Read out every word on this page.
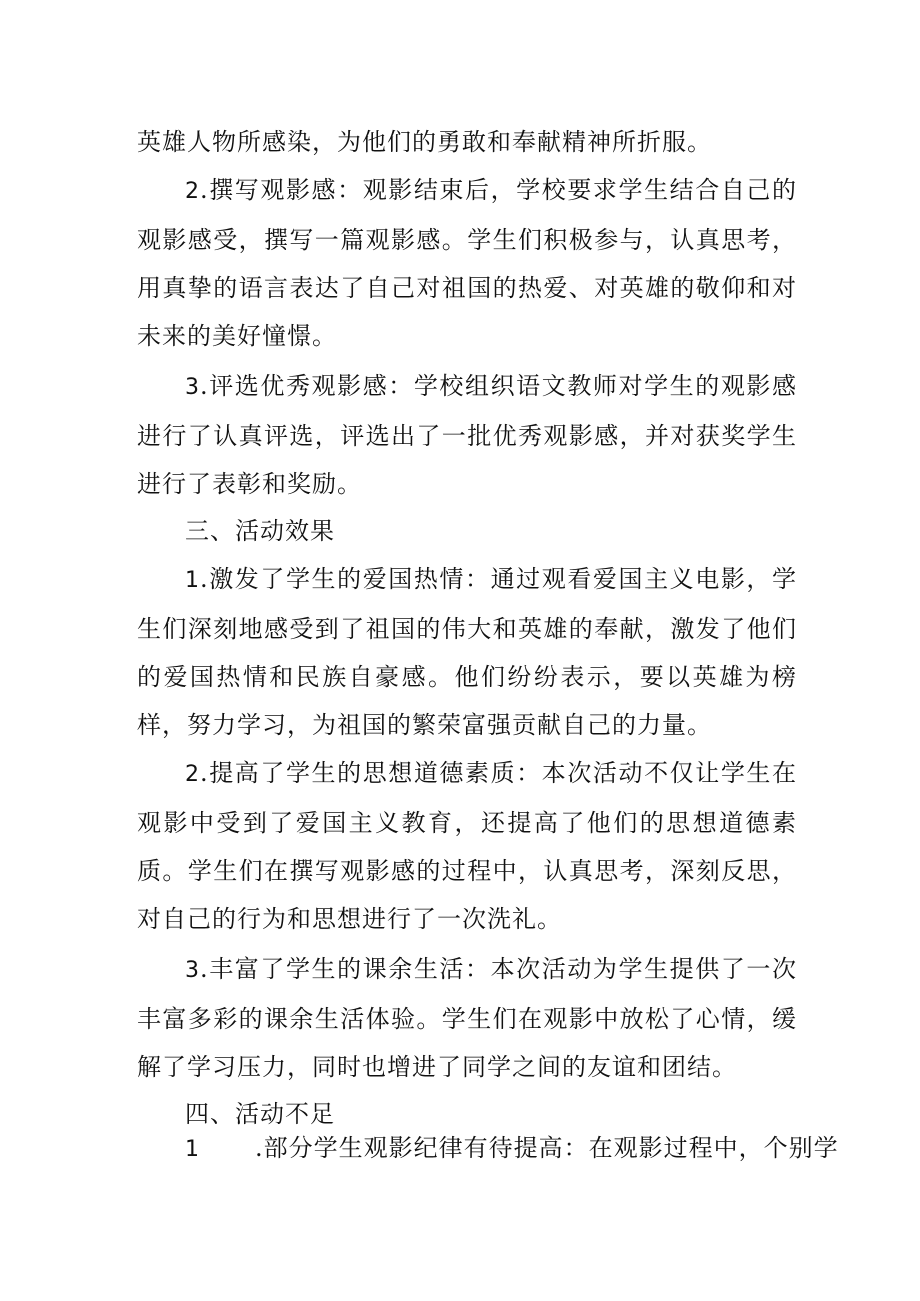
英雄人物所感染，为他们的勇敢和奉献精神所折服。

2.撰写观影感：观影结束后，学校要求学生结合自己的观影感受，撰写一篇观影感。学生们积极参与，认真思考，用真挚的语言表达了自己对祖国的热爱、对英雄的敬仰和对未来的美好憧憬。

3.评选优秀观影感：学校组织语文教师对学生的观影感进行了认真评选，评选出了一批优秀观影感，并对获奖学生进行了表彰和奖励。

三、活动效果

1.激发了学生的爱国热情：通过观看爱国主义电影，学生们深刻地感受到了祖国的伟大和英雄的奉献，激发了他们的爱国热情和民族自豪感。他们纷纷表示，要以英雄为榜样，努力学习，为祖国的繁荣富强贡献自己的力量。

2.提高了学生的思想道德素质：本次活动不仅让学生在观影中受到了爱国主义教育，还提高了他们的思想道德素质。学生们在撰写观影感的过程中，认真思考，深刻反思，对自己的行为和思想进行了一次洗礼。

3.丰富了学生的课余生活：本次活动为学生提供了一次丰富多彩的课余生活体验。学生们在观影中放松了心情，缓解了学习压力，同时也增进了同学之间的友谊和团结。

四、活动不足

1 .部分学生观影纪律有待提高：在观影过程中，个别学
